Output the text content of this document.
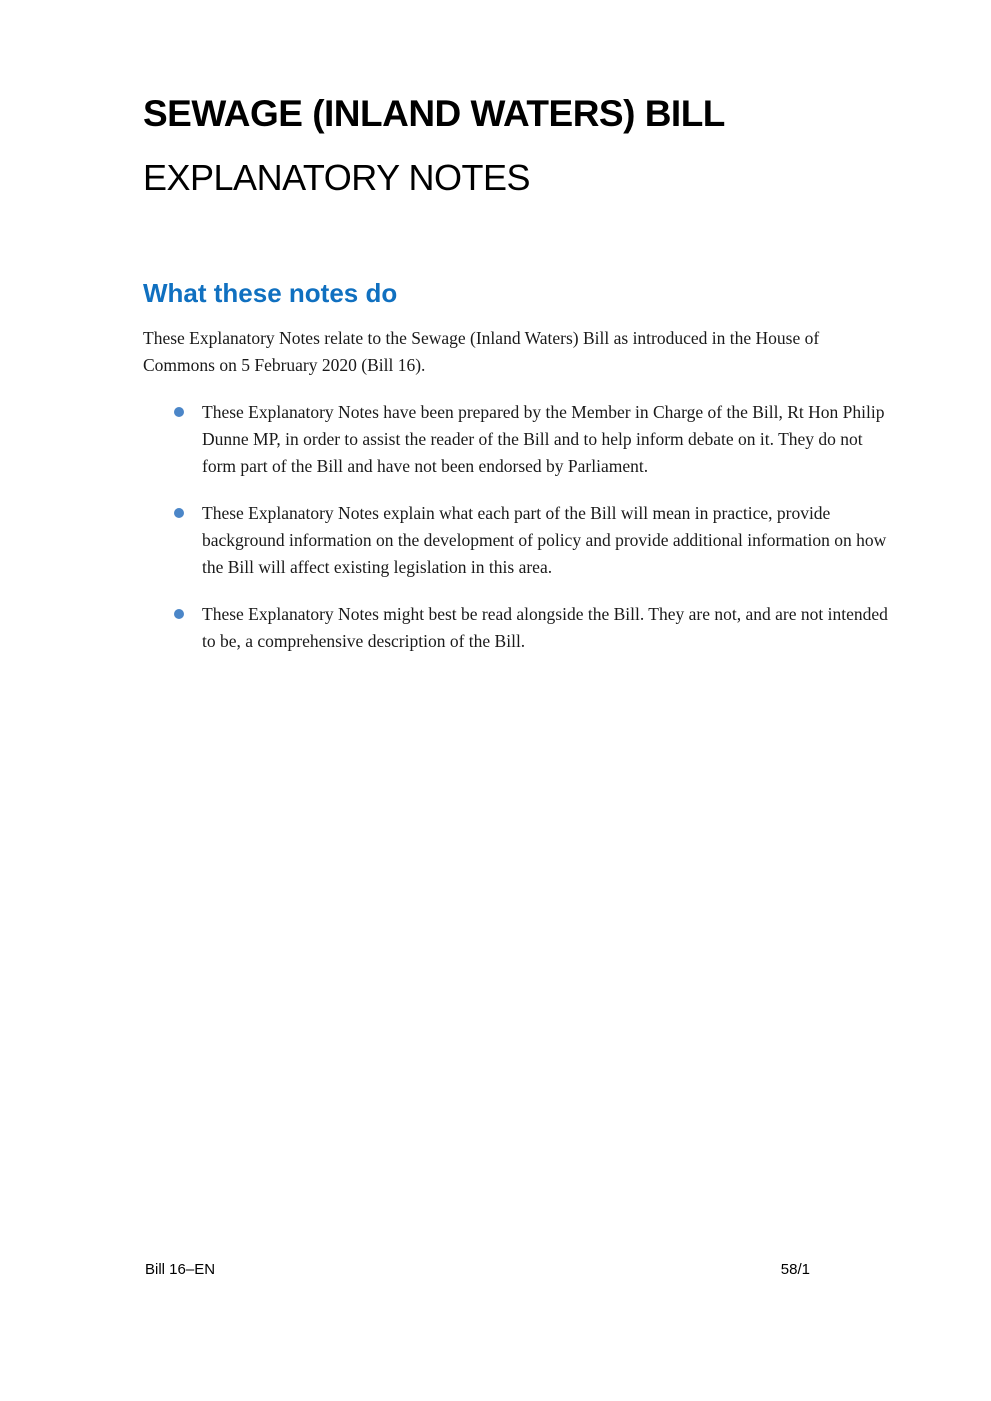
SEWAGE (INLAND WATERS) BILL
EXPLANATORY NOTES
What these notes do

These Explanatory Notes relate to the Sewage (Inland Waters) Bill as introduced in the House of Commons on 5 February 2020 (Bill 16).

These Explanatory Notes have been prepared by the Member in Charge of the Bill, Rt Hon Philip Dunne MP, in order to assist the reader of the Bill and to help inform debate on it. They do not form part of the Bill and have not been endorsed by Parliament.
These Explanatory Notes explain what each part of the Bill will mean in practice, provide background information on the development of policy and provide additional information on how the Bill will affect existing legislation in this area.
These Explanatory Notes might best be read alongside the Bill. They are not, and are not intended to be, a comprehensive description of the Bill.
Bill 16–EN	58/1
